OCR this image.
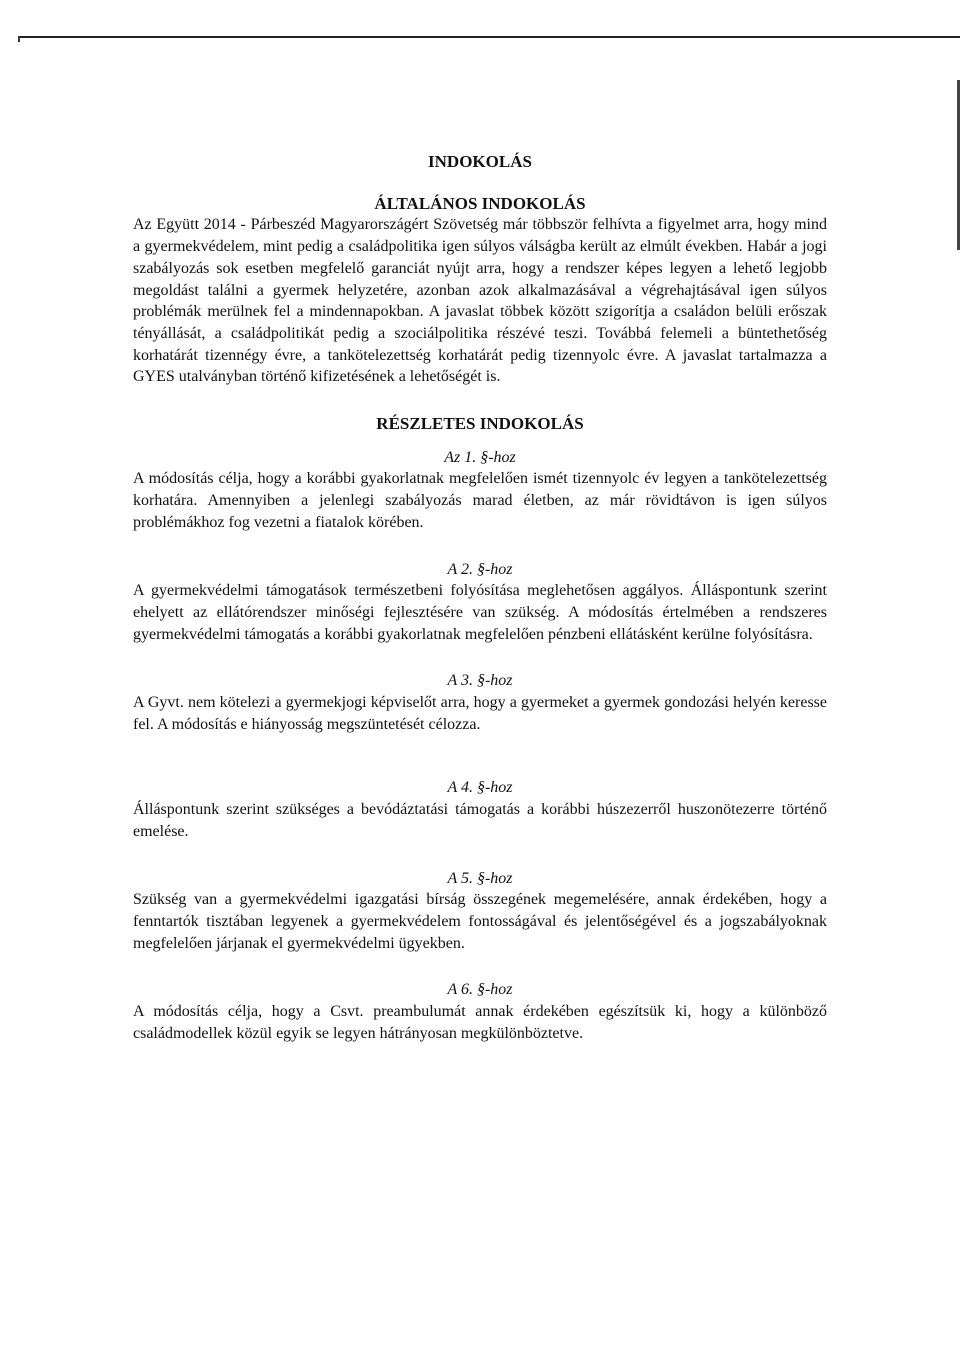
INDOKOLÁS
ÁLTALÁNOS INDOKOLÁS

Az Együtt 2014 - Párbeszéd Magyarországért Szövetség már többször felhívta a figyelmet arra, hogy mind a gyermekvédelem, mint pedig a családpolitika igen súlyos válságba került az elmúlt években. Habár a jogi szabályozás sok esetben megfelelő garanciát nyújt arra, hogy a rendszer képes legyen a lehető legjobb megoldást találni a gyermek helyzetére, azonban azok alkalmazásával a végrehajtásával igen súlyos problémák merülnek fel a mindennapokban. A javaslat többek között szigorítja a családon belüli erőszak tényállását, a családpolitikát pedig a szociálpolitika részévé teszi. Továbbá felemeli a büntethetőség korhatárát tizennégy évre, a tankötelezettség korhatárát pedig tizennyolc évre. A javaslat tartalmazza a GYES utalványban történő kifizetésének a lehetőségét is.

RÉSZLETES INDOKOLÁS

Az 1. §-hoz

A módosítás célja, hogy a korábbi gyakorlatnak megfelelően ismét tizennyolc év legyen a tankötelezettség korhatára. Amennyiben a jelenlegi szabályozás marad életben, az már rövidtávon is igen súlyos problémákhoz fog vezetni a fiatalok körében.

A 2. §-hoz

A gyermekvédelmi támogatások természetbeni folyósítása meglehetősen aggályos. Álláspontunk szerint ehelyett az ellátórendszer minőségi fejlesztésére van szükség. A módosítás értelmében a rendszeres gyermekvédelmi támogatás a korábbi gyakorlatnak megfelelően pénzbeni ellátásként kerülne folyósításra.

A 3. §-hoz

A Gyvt. nem kötelezi a gyermekjogi képviselőt arra, hogy a gyermeket a gyermek gondozási helyén keresse fel. A módosítás e hiányosság megszüntetését célozza.

A 4. §-hoz

Álláspontunk szerint szükséges a bevódáztatási támogatás a korábbi húszezerről huszonötezerre történő emelése.

A 5. §-hoz

Szükség van a gyermekvédelmi igazgatási bírság összegének megemelésére, annak érdekében, hogy a fenntartók tisztában legyenek a gyermekvédelem fontosságával és jelentőségével és a jogszabályoknak megfelelően járjanak el gyermekvédelmi ügyekben.

A 6. §-hoz

A módosítás célja, hogy a Csvt. preambulumát annak érdekében egészítsük ki, hogy a különböző családmodellek közül egyik se legyen hátrányosan megkülönböztetve.
